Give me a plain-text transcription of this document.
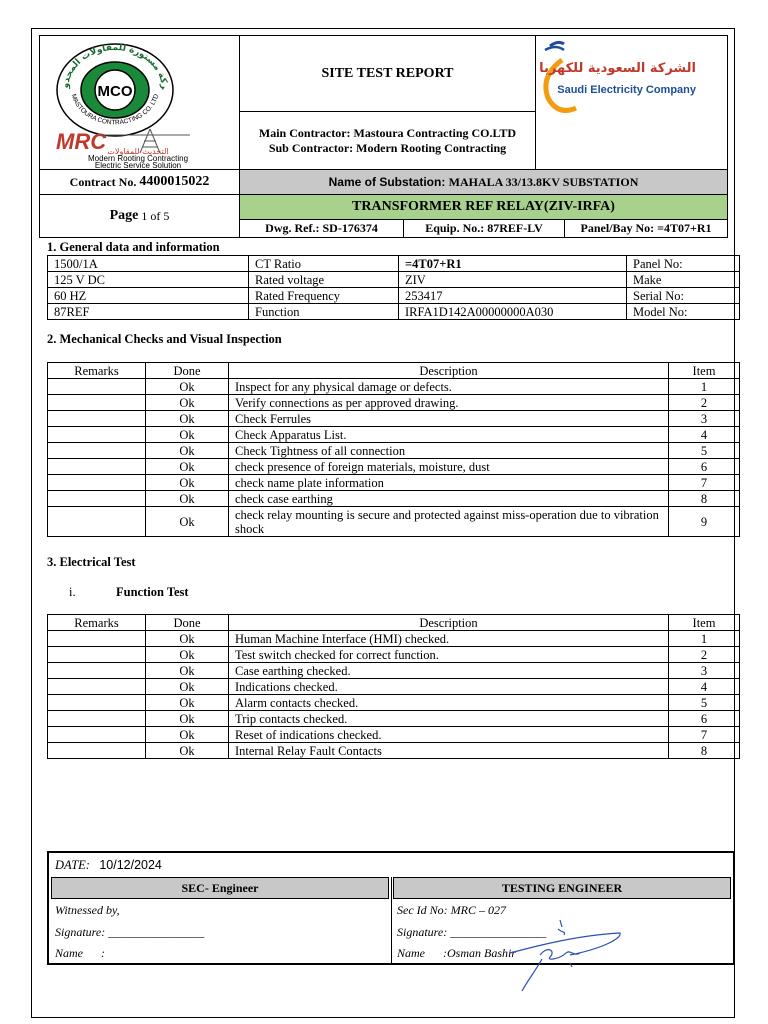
MCO	ركة مستورة للمقاولات المحدو
MASTOURA CONTRACTING CO. LTD
MRC التحديث للمقاولات
Modern Rooting Contracting
Electric Service Solution
SITE TEST REPORT
Main Contractor: Mastoura Contracting CO.LTD
Sub Contractor: Modern Rooting Contracting
الشركة السعودية للكهرباء
Saudi Electricity Company
Contract No.
4400015022	Name of Substation:
MAHALA 33/13.8KV SUBSTATION
Page
1 of 5
TRANSFORMER REF RELAY(ZIV-IRFA)
Dwg. Ref.: SD-176374	Equip. No.: 87REF-LV	Panel/Bay No: =4T07+R1
1. General data and information
1500/1A	CT Ratio	=4T07+R1	Panel No:
125 V DC	Rated voltage	ZIV	Make
60 HZ	Rated Frequency	253417	Serial No:
87REF	Function	IRFA1D142A00000000A030	Model No:
2. Mechanical Checks and Visual Inspection
Remarks	Done	Description	Item
	Ok	Inspect for any physical damage or defects.	1
	Ok	Verify connections as per approved drawing.	2
	Ok	Check Ferrules	3
	Ok	Check Apparatus List.	4
	Ok	Check Tightness of all connection	5
	Ok	check presence of foreign materials, moisture, dust	6
	Ok	check name plate information	7
	Ok	check case earthing	8
	Ok	check relay mounting is secure and protected against miss-operation due to vibration shock	9
3. Electrical Test
i.	Function Test
Remarks	Done	Description	Item
	Ok	Human Machine Interface (HMI) checked.	1
	Ok	Test switch checked for correct function.	2
	Ok	Case earthing checked.	3
	Ok	Indications checked.	4
	Ok	Alarm contacts checked.	5
	Ok	Trip contacts checked.	6
	Ok	Reset of indications checked.	7
	Ok	Internal Relay Fault Contacts	8
DATE: 10/12/2024
SEC- Engineer	TESTING ENGINEER
Witnessed by,
Signature: ________________
Name      :
Sec Id No: MRC – 027
Signature: ________________
Name      :Osman Bashir
